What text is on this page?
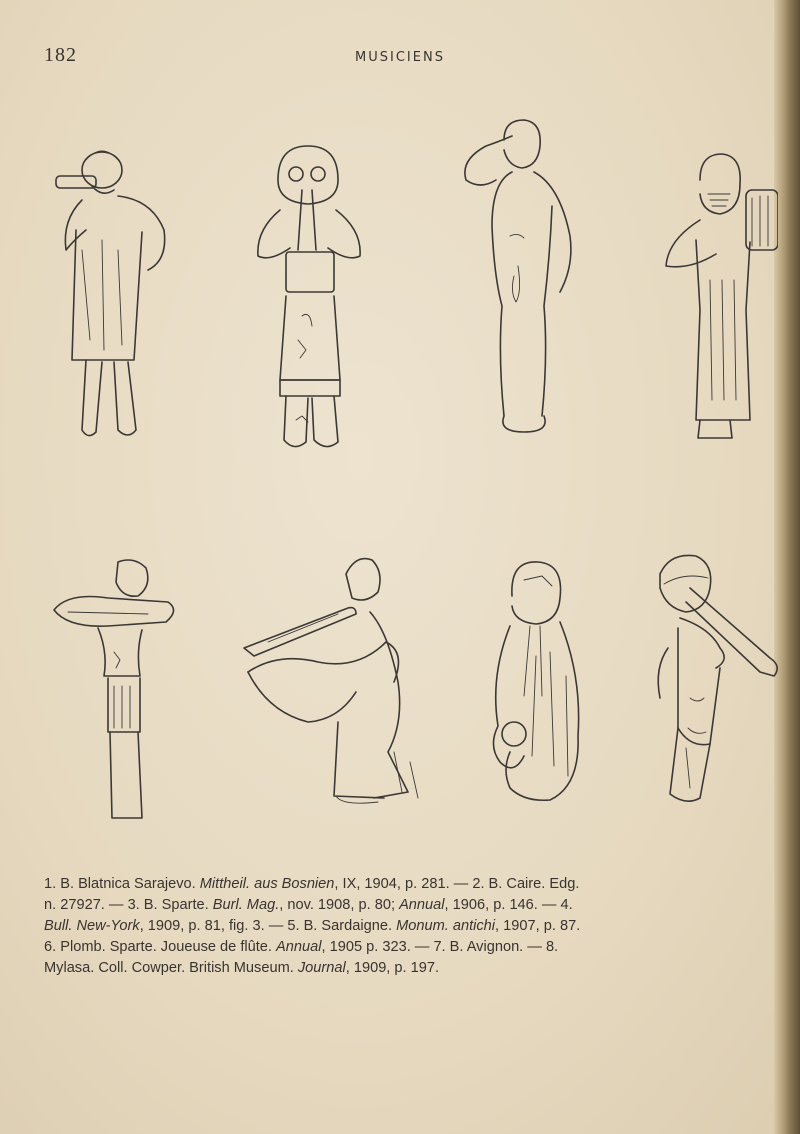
182	MUSICIENS

1. B. Blatnica Sarajevo. Mittheil. aus Bosnien, IX, 1904, p. 281. — 2. B. Caire. Edg.

n. 27927. — 3. B. Sparte. Burl. Mag., nov. 1908, p. 80; Annual, 1906, p. 146. — 4.

Bull. New-York, 1909, p. 81, fig. 3. — 5. B. Sardaigne. Monum. antichi, 1907, p. 87.

6. Plomb. Sparte. Joueuse de flûte. Annual, 1905 p. 323. — 7. B. Avignon. — 8.

Mylasa. Coll. Cowper. British Museum. Journal, 1909, p. 197.
